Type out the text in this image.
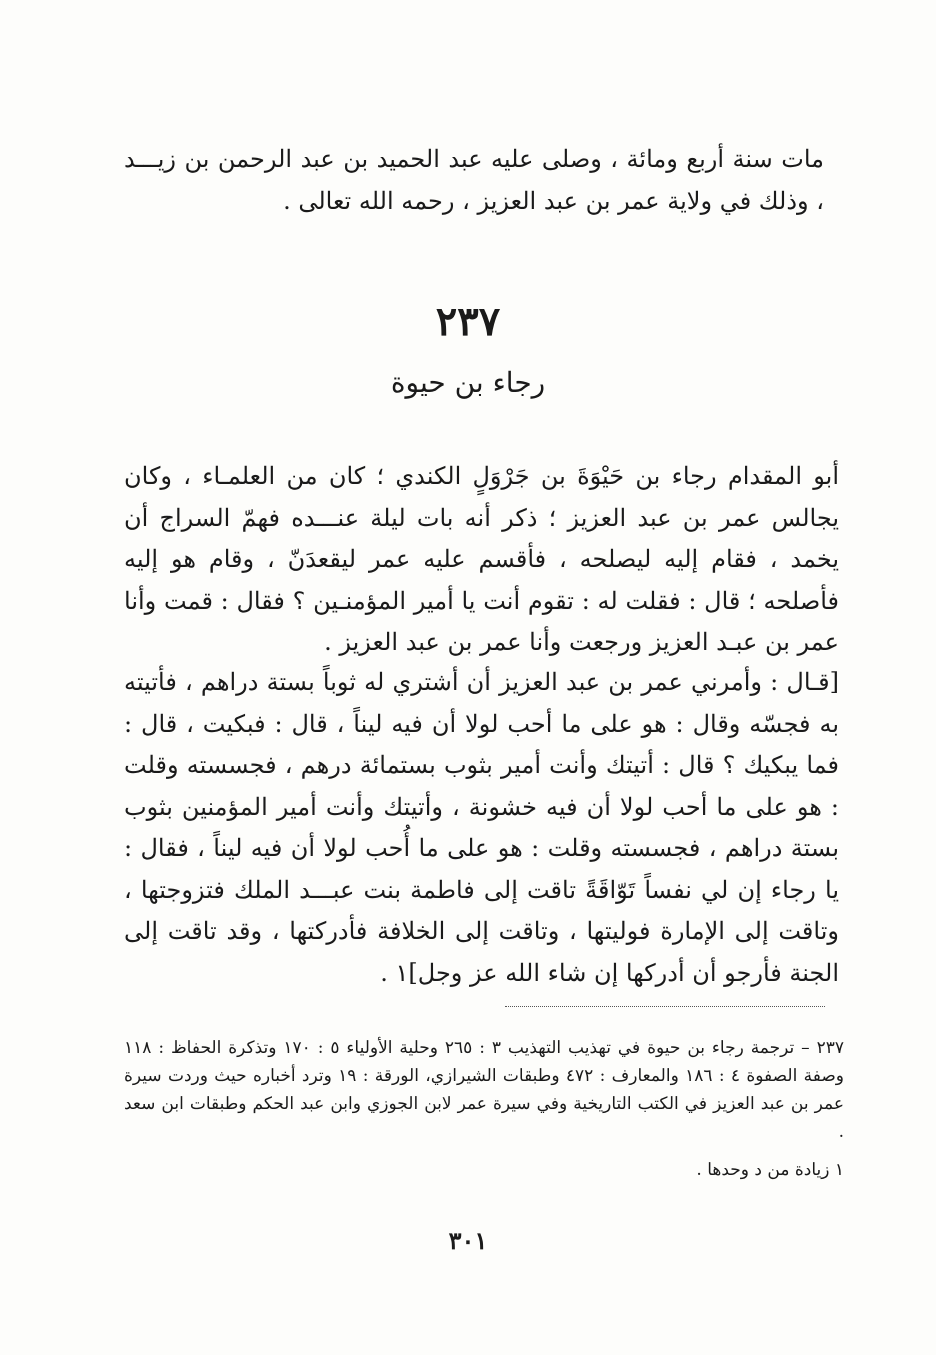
مات سنة أربع ومائة ، وصلى عليه عبد الحميد بن عبد الرحمن بن زيـــد ، وذلك في ولاية عمر بن عبد العزيز ، رحمه الله تعالى .

٢٣٧
رجاء بن حيوة

أبو المقدام رجاء بن حَيْوَةَ بن جَرْوَلٍ الكندي ؛ كان من العلمـاء ، وكان يجالس عمر بن عبد العزيز ؛ ذكر أنه بات ليلة عنـــده فهمّ السراج أن يخمد ، فقام إليه ليصلحه ، فأقسم عليه عمر ليقعدَنّ ، وقام هو إليه فأصلحه ؛ قال : فقلت له : تقوم أنت يا أمير المؤمنـين ؟ فقال : قمت وأنا عمر بن عبـد العزيز ورجعت وأنا عمر بن عبد العزيز .

[قـال : وأمرني عمر بن عبد العزيز أن أشتري له ثوباً بستة دراهم ، فأتيته به فجسّه وقال : هو على ما أحب لولا أن فيه ليناً ، قال : فبكيت ، قال : فما يبكيك ؟ قال : أتيتك وأنت أمير بثوب بستمائة درهم ، فجسسته وقلت : هو على ما أحب لولا أن فيه خشونة ، وأتيتك وأنت أمير المؤمنين بثوب بستة دراهم ، فجسسته وقلت : هو على ما أُحب لولا أن فيه ليناً ، فقال : يا رجاء إن لي نفساً تَوّاقَةً تاقت إلى فاطمة بنت عبـــد الملك فتزوجتها ، وتاقت إلى الإمارة فوليتها ، وتاقت إلى الخلافة فأدركتها ، وقد تاقت إلى الجنة فأرجو أن أدركها إن شاء الله عز وجل]١ .

٢٣٧ – ترجمة رجاء بن حيوة في تهذيب التهذيب ٣ : ٢٦٥ وحلية الأولياء ٥ : ١٧٠ وتذكرة الحفاظ : ١١٨ وصفة الصفوة ٤ : ١٨٦ والمعارف : ٤٧٢ وطبقات الشيرازي، الورقة : ١٩ وترد أخباره حيث وردت سيرة عمر بن عبد العزيز في الكتب التاريخية وفي سيرة عمر لابن الجوزي وابن عبد الحكم وطبقات ابن سعد .

١ زيادة من د وحدها .

٣٠١
